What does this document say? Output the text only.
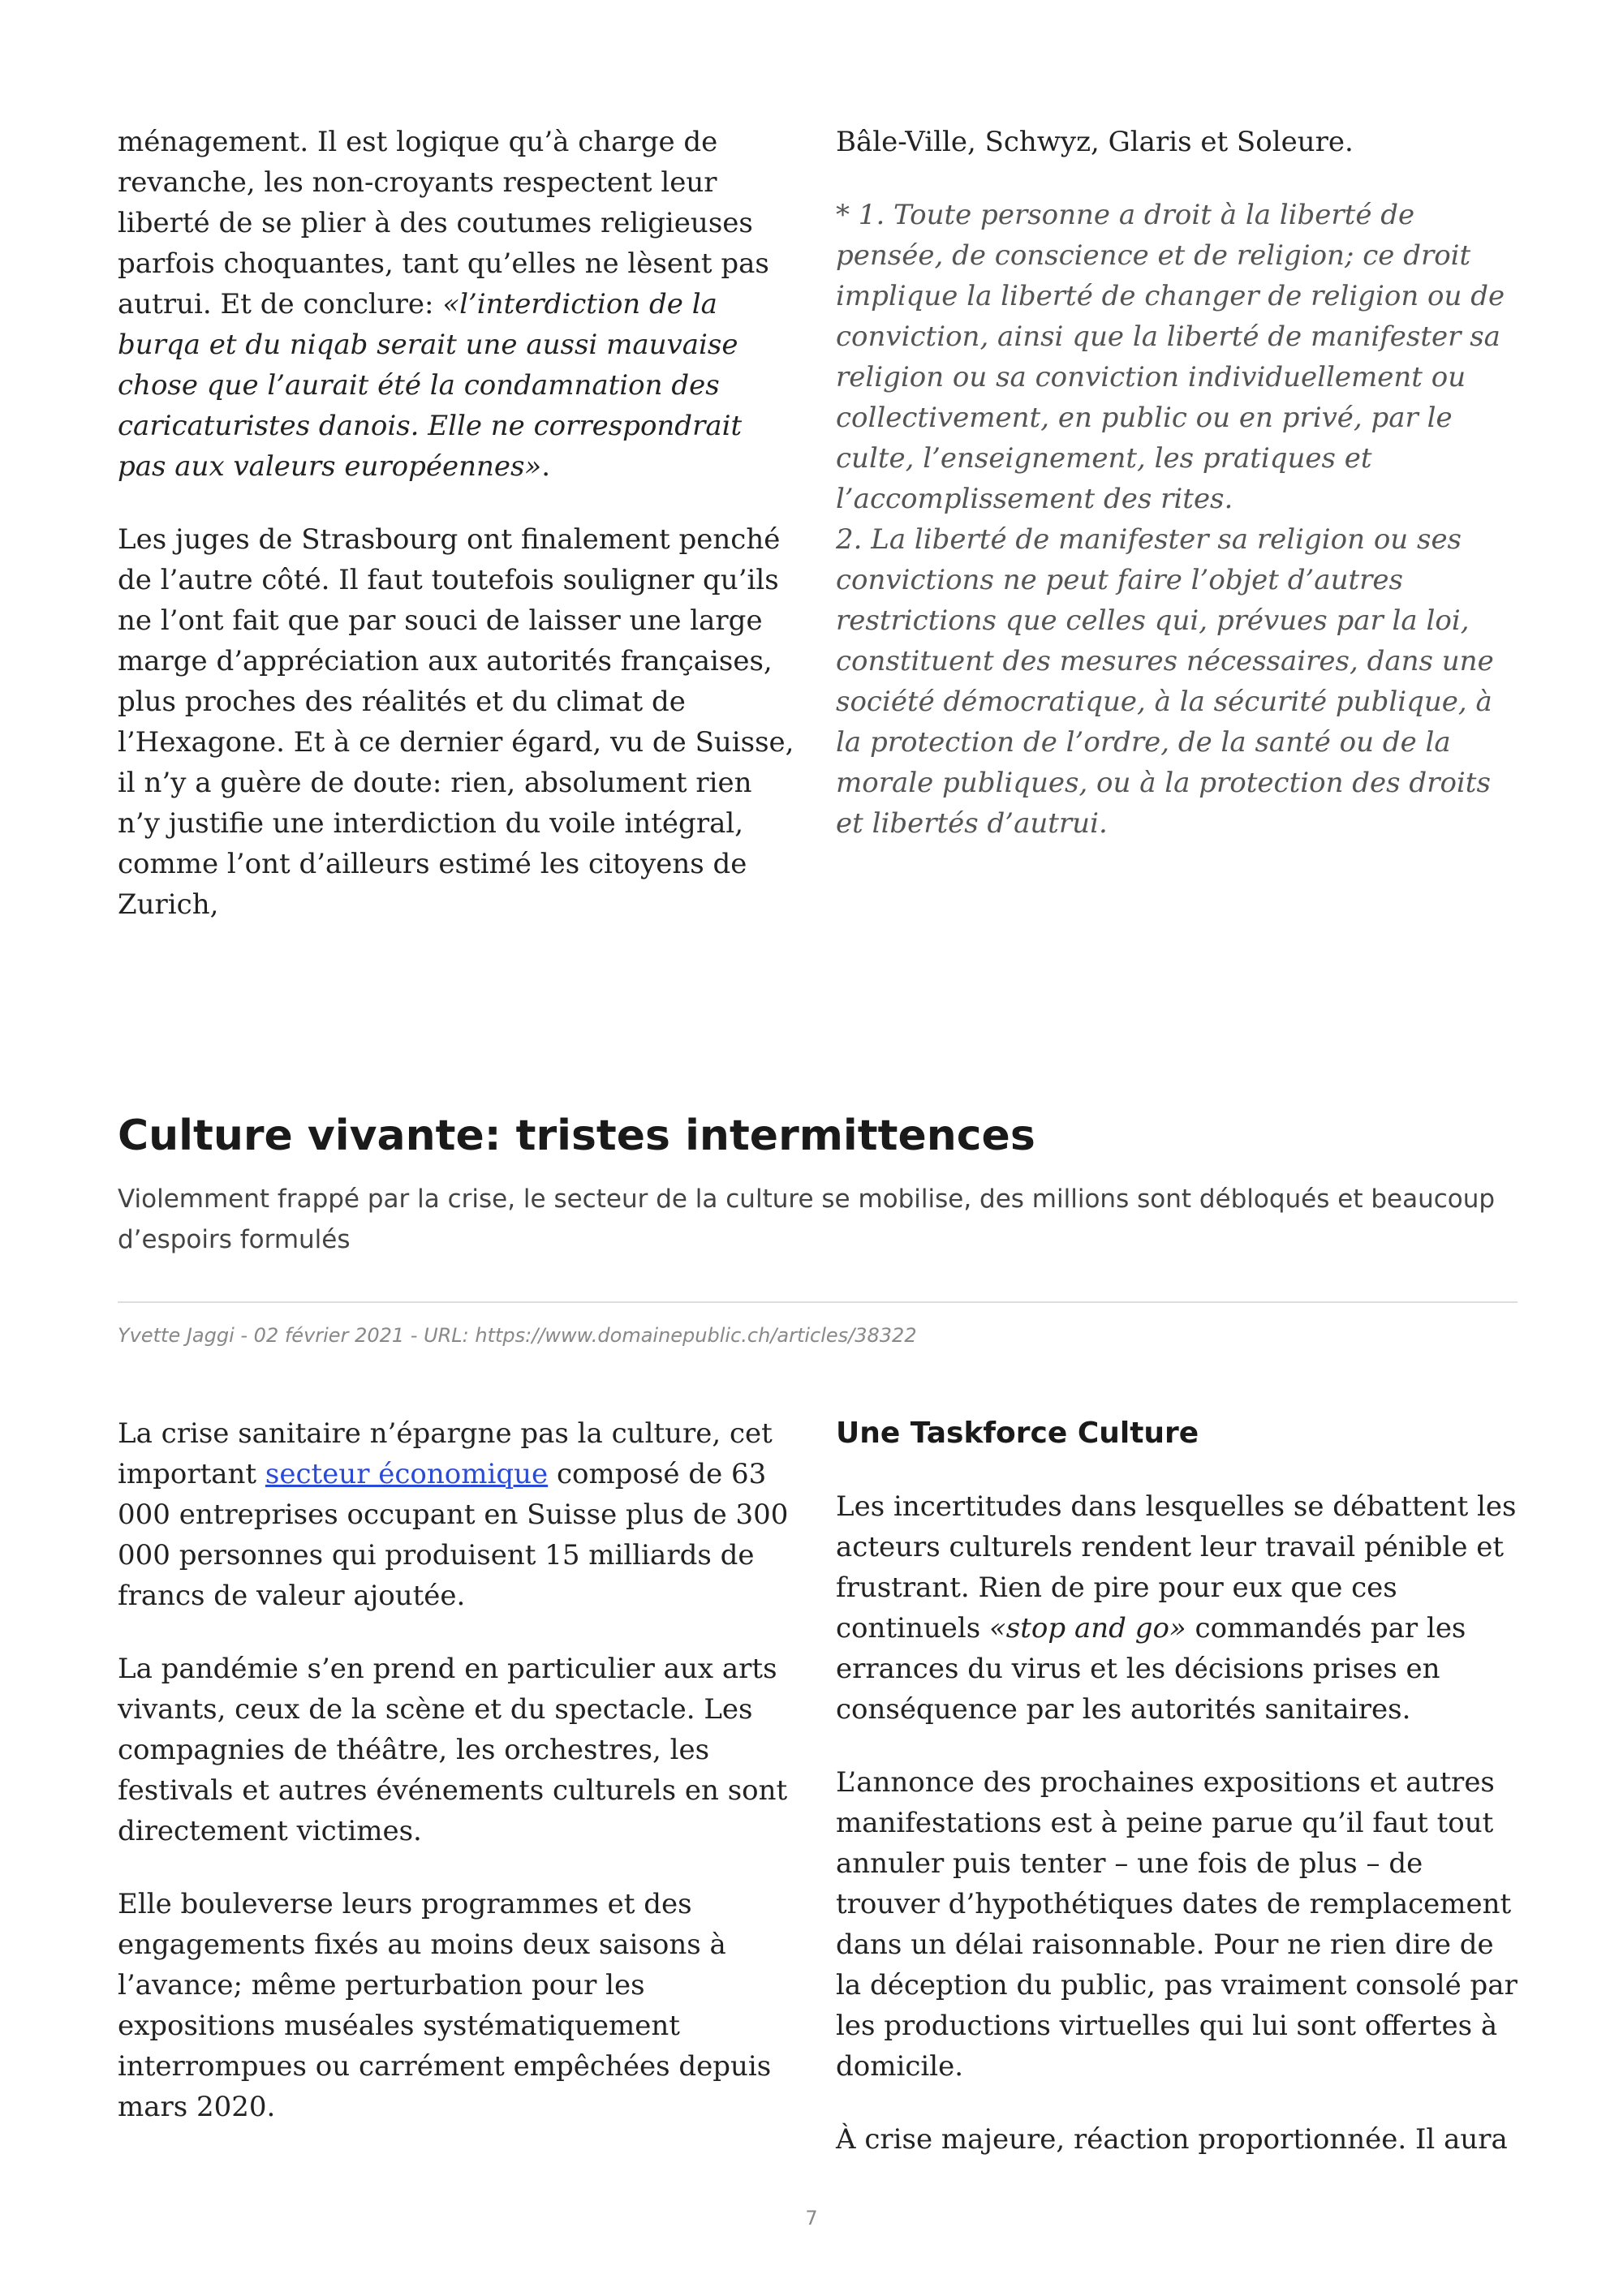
ménagement. Il est logique qu’à charge de revanche, les non-croyants respectent leur liberté de se plier à des coutumes religieuses parfois choquantes, tant qu’elles ne lèsent pas autrui. Et de conclure: «l’interdiction de la burqa et du niqab serait une aussi mauvaise chose que l’aurait été la condamnation des caricaturistes danois. Elle ne correspondrait pas aux valeurs européennes».

Les juges de Strasbourg ont finalement penché de l’autre côté. Il faut toutefois souligner qu’ils ne l’ont fait que par souci de laisser une large marge d’appréciation aux autorités françaises, plus proches des réalités et du climat de l’Hexagone. Et à ce dernier égard, vu de Suisse, il n’y a guère de doute: rien, absolument rien n’y justifie une interdiction du voile intégral, comme l’ont d’ailleurs estimé les citoyens de Zurich,

Bâle-Ville, Schwyz, Glaris et Soleure.

* 1. Toute personne a droit à la liberté de pensée, de conscience et de religion; ce droit implique la liberté de changer de religion ou de conviction, ainsi que la liberté de manifester sa religion ou sa conviction individuellement ou collectivement, en public ou en privé, par le culte, l’enseignement, les pratiques et l’accomplissement des rites.

2. La liberté de manifester sa religion ou ses convictions ne peut faire l’objet d’autres restrictions que celles qui, prévues par la loi, constituent des mesures nécessaires, dans une société démocratique, à la sécurité publique, à la protection de l’ordre, de la santé ou de la morale publiques, ou à la protection des droits et libertés d’autrui.

Culture vivante: tristes intermittences

Violemment frappé par la crise, le secteur de la culture se mobilise, des millions sont débloqués et beaucoup d’espoirs formulés

Yvette Jaggi - 02 février 2021 - URL: https://www.domainepublic.ch/articles/38322

La crise sanitaire n’épargne pas la culture, cet important secteur économique composé de 63 000 entreprises occupant en Suisse plus de 300 000 personnes qui produisent 15 milliards de francs de valeur ajoutée.

La pandémie s’en prend en particulier aux arts vivants, ceux de la scène et du spectacle. Les compagnies de théâtre, les orchestres, les festivals et autres événements culturels en sont directement victimes.

Elle bouleverse leurs programmes et des engagements fixés au moins deux saisons à l’avance; même perturbation pour les expositions muséales systématiquement interrompues ou carrément empêchées depuis mars 2020.

Une Taskforce Culture

Les incertitudes dans lesquelles se débattent les acteurs culturels rendent leur travail pénible et frustrant. Rien de pire pour eux que ces continuels «stop and go» commandés par les errances du virus et les décisions prises en conséquence par les autorités sanitaires.

L’annonce des prochaines expositions et autres manifestations est à peine parue qu’il faut tout annuler puis tenter – une fois de plus – de trouver d’hypothétiques dates de remplacement dans un délai raisonnable. Pour ne rien dire de la déception du public, pas vraiment consolé par les productions virtuelles qui lui sont offertes à domicile.

À crise majeure, réaction proportionnée. Il aura

7
